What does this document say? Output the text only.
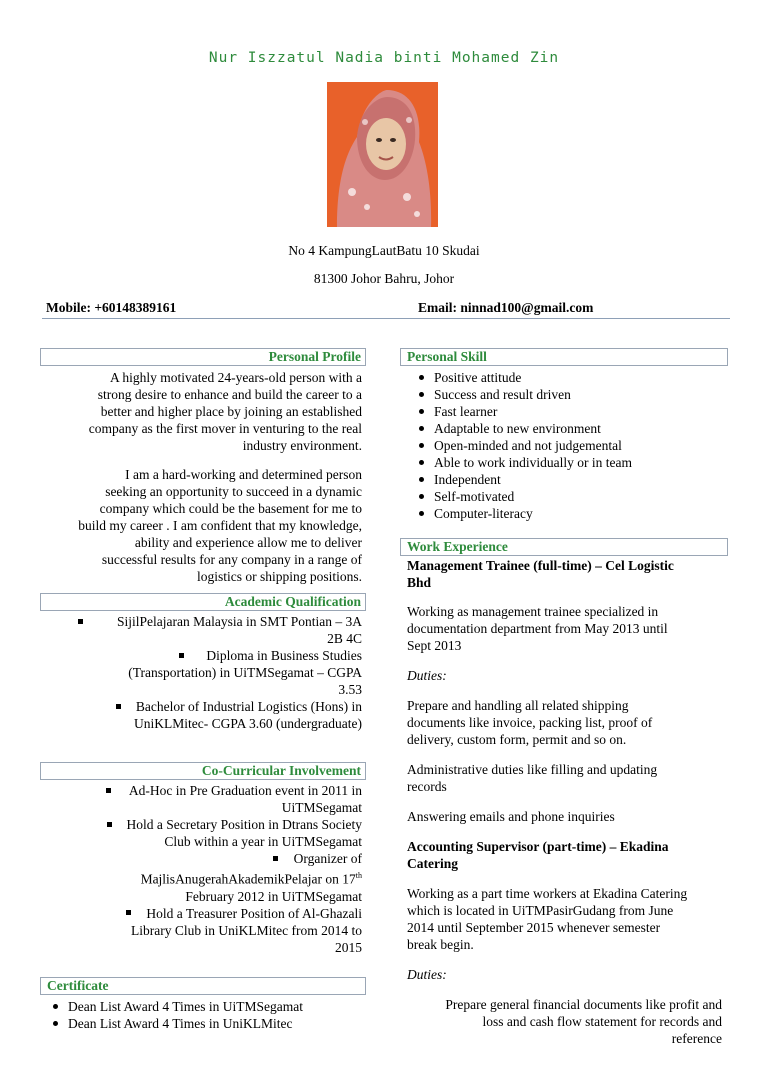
Nur Iszzatul Nadia binti Mohamed Zin
No 4 KampungLautBatu 10 Skudai
81300 Johor Bahru, Johor
Mobile: +60148389161	Email: ninnad100@gmail.com
Personal Profile

A highly motivated 24-years-old person with a

strong desire to enhance and build the career to a

better and higher place by joining an established

company as the first mover in venturing to the real

industry environment.

I am a hard-working and determined person

seeking an opportunity to succeed in a dynamic

company which could be the basement for me to

build my career . I am confident that my knowledge,

ability and experience allow me to deliver

successful results for any company in a range of

logistics or shipping positions.

Academic Qualification

SijilPelajaran Malaysia in SMT Pontian – 3A

2B 4C

Diploma in Business Studies

(Transportation) in UiTMSegamat – CGPA

3.53

Bachelor of Industrial Logistics (Hons) in

UniKLMitec- CGPA 3.60 (undergraduate)

Co-Curricular Involvement

Ad-Hoc in Pre Graduation event in 2011 in

UiTMSegamat

Hold a Secretary Position in Dtrans Society

Club within a year in UiTMSegamat

Organizer of

MajlisAnugerahAkademikPelajar on 17th

February 2012 in UiTMSegamat

Hold a Treasurer Position of Al-Ghazali

Library Club in UniKLMitec from 2014 to

2015

Certificate
Dean List Award 4 Times in UiTMSegamat
Dean List Award 4 Times in UniKLMitec
Personal Skill
Positive attitude
Success and result driven
Fast learner
Adaptable to new environment
Open-minded and not judgemental
Able to work individually or in team
Independent
Self-motivated
Computer-literacy
Work Experience

Management Trainee (full-time) – Cel Logistic

Bhd

Working as management trainee specialized in

documentation department from May 2013 until

Sept 2013

Duties:

Prepare and handling all related shipping

documents like invoice, packing list, proof of

delivery, custom form, permit and so on.

Administrative duties like filling and updating

records

Answering emails and phone inquiries

Accounting Supervisor (part-time) – Ekadina

Catering

Working as a part time workers at Ekadina Catering

which is located in UiTMPasirGudang from June

2014 until September 2015 whenever semester

break begin.

Duties:

Prepare general financial documents like profit and

loss and cash flow statement for records and

reference
